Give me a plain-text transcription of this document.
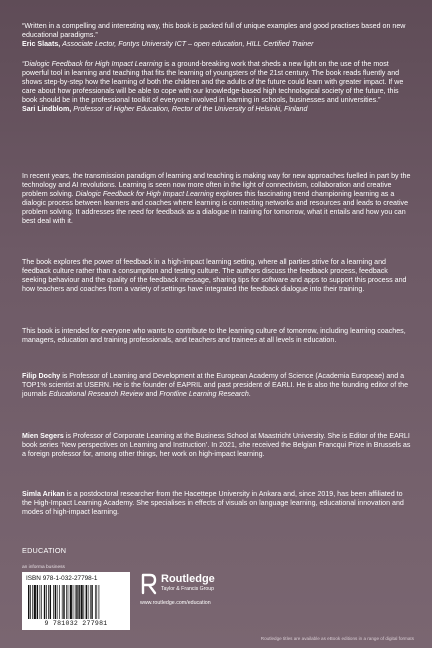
“Written in a compelling and interesting way, this book is packed full of unique examples and good practises based on new educational paradigms.”

Eric Slaats, Associate Lector, Fontys University ICT – open education, HILL Certified Trainer

“Dialogic Feedback for High Impact Learning is a ground-breaking work that sheds a new light on the use of the most powerful tool in learning and teaching that fits the learning of youngsters of the 21st century. The book reads fluently and shows step-by-step how the learning of both the children and the adults of the future could learn with greater impact. If we care about how professionals will be able to cope with our knowledge-based high technological society of the future, this book should be in the professional toolkit of everyone involved in learning in schools, businesses and universities.”

Sari Lindblom, Professor of Higher Education, Rector of the University of Helsinki, Finland

In recent years, the transmission paradigm of learning and teaching is making way for new approaches fuelled in part by the technology and AI revolutions. Learning is seen now more often in the light of connectivism, collaboration and creative problem solving. Dialogic Feedback for High Impact Learning explores this fascinating trend championing learning as a dialogic process between learners and coaches where learning is connecting networks and resources and leads to creative problem solving. It addresses the need for feedback as a dialogue in training for tomorrow, what it entails and how you can best deal with it.

The book explores the power of feedback in a high-impact learning setting, where all parties strive for a learning and feedback culture rather than a consumption and testing culture. The authors discuss the feedback process, feedback seeking behaviour and the quality of the feedback message, sharing tips for software and apps to support this process and how teachers and coaches from a variety of settings have integrated the feedback dialogue into their training.

This book is intended for everyone who wants to contribute to the learning culture of tomorrow, including learning coaches, managers, education and training professionals, and teachers and trainees at all levels in education.

Filip Dochy is Professor of Learning and Development at the European Academy of Science (Academia Europeae) and a TOP1% scientist at USERN. He is the founder of EAPRIL and past president of EARLI. He is also the founding editor of the journals Educational Research Review and Frontline Learning Research.

Mien Segers is Professor of Corporate Learning at the Business School at Maastricht University. She is Editor of the EARLI book series ‘New perspectives on Learning and Instruction’. In 2021, she received the Belgian Francqui Prize in Brussels as a foreign professor for, among other things, her work on high-impact learning.

Simla Arikan is a postdoctoral researcher from the Hacettepe University in Ankara and, since 2019, has been affiliated to the High-Impact Learning Academy. She specialises in effects of visuals on language learning, educational innovation and modes of high-impact learning.

EDUCATION
an informa business
ISBN 978-1-032-27798-1
9 781032 277981
Routledge
Taylor & Francis Group
www.routledge.com/education
Routledge titles are available as eBook editions in a range of digital formats
